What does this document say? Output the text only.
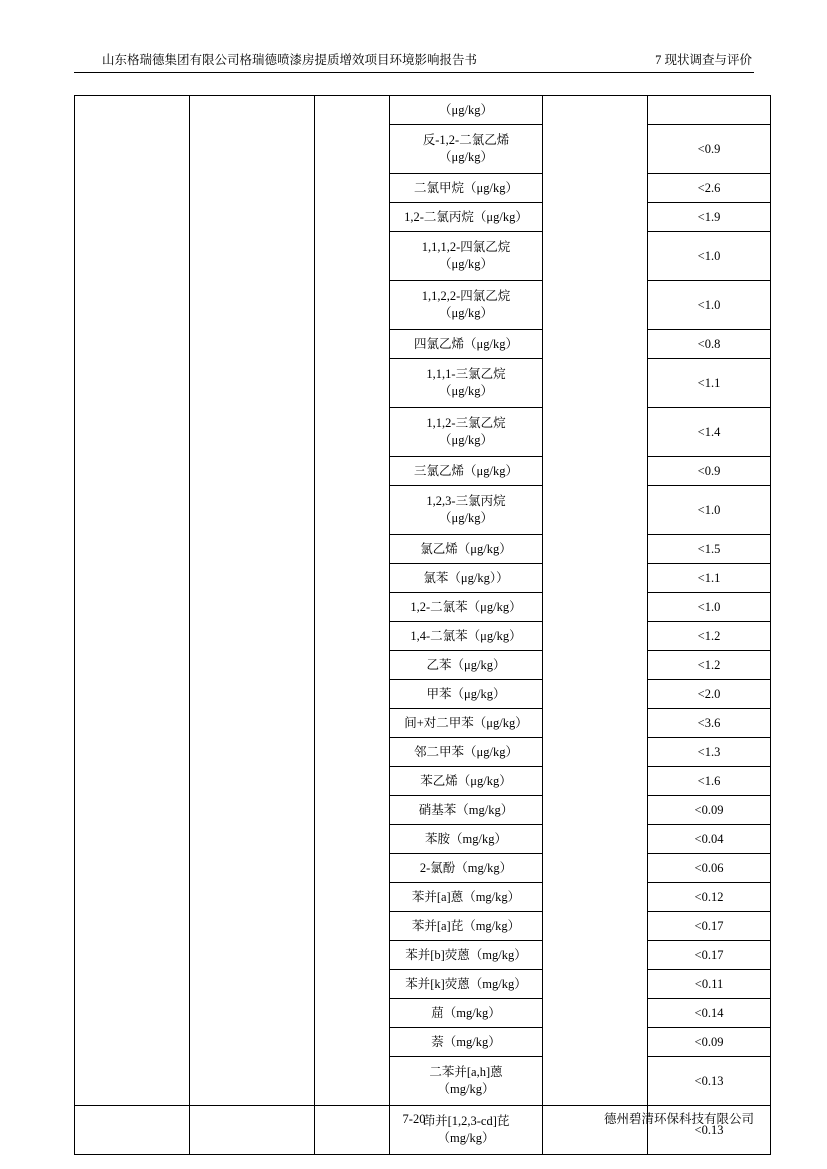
山东格瑞德集团有限公司格瑞德喷漆房提质增效项目环境影响报告书	7 现状调查与评价

			（μg/kg）		

			反-1,2-二氯乙烯
（μg/kg）		<0.9

			二氯甲烷（μg/kg）		<2.6

			1,2-二氯丙烷（μg/kg）		<1.9

			1,1,1,2-四氯乙烷
（μg/kg）		<1.0

			1,1,2,2-四氯乙烷
（μg/kg）		<1.0

			四氯乙烯（μg/kg）		<0.8

			1,1,1-三氯乙烷
（μg/kg）		<1.1

			1,1,2-三氯乙烷
（μg/kg）		<1.4

			三氯乙烯（μg/kg）		<0.9

			1,2,3-三氯丙烷
（μg/kg）		<1.0

			氯乙烯（μg/kg）		<1.5

			氯苯（μg/kg））		<1.1

			1,2-二氯苯（μg/kg）		<1.0

			1,4-二氯苯（μg/kg）		<1.2

			乙苯（μg/kg）		<1.2

			甲苯（μg/kg）		<2.0

			间+对二甲苯（μg/kg）		<3.6

			邻二甲苯（μg/kg）		<1.3

			苯乙烯（μg/kg）		<1.6

			硝基苯（mg/kg）		<0.09

			苯胺（mg/kg）		<0.04

			2-氯酚（mg/kg）		<0.06

			苯并[a]蒽（mg/kg）		<0.12

			苯并[a]芘（mg/kg）		<0.17

			苯并[b]荧蒽（mg/kg）		<0.17

			苯并[k]荧蒽（mg/kg）		<0.11

			䓛（mg/kg）		<0.14

			萘（mg/kg）		<0.09

			二苯并[a,h]蒽
（mg/kg）		<0.13

			茚并[1,2,3-cd]芘
（mg/kg）		<0.13
7-20	德州碧清环保科技有限公司
